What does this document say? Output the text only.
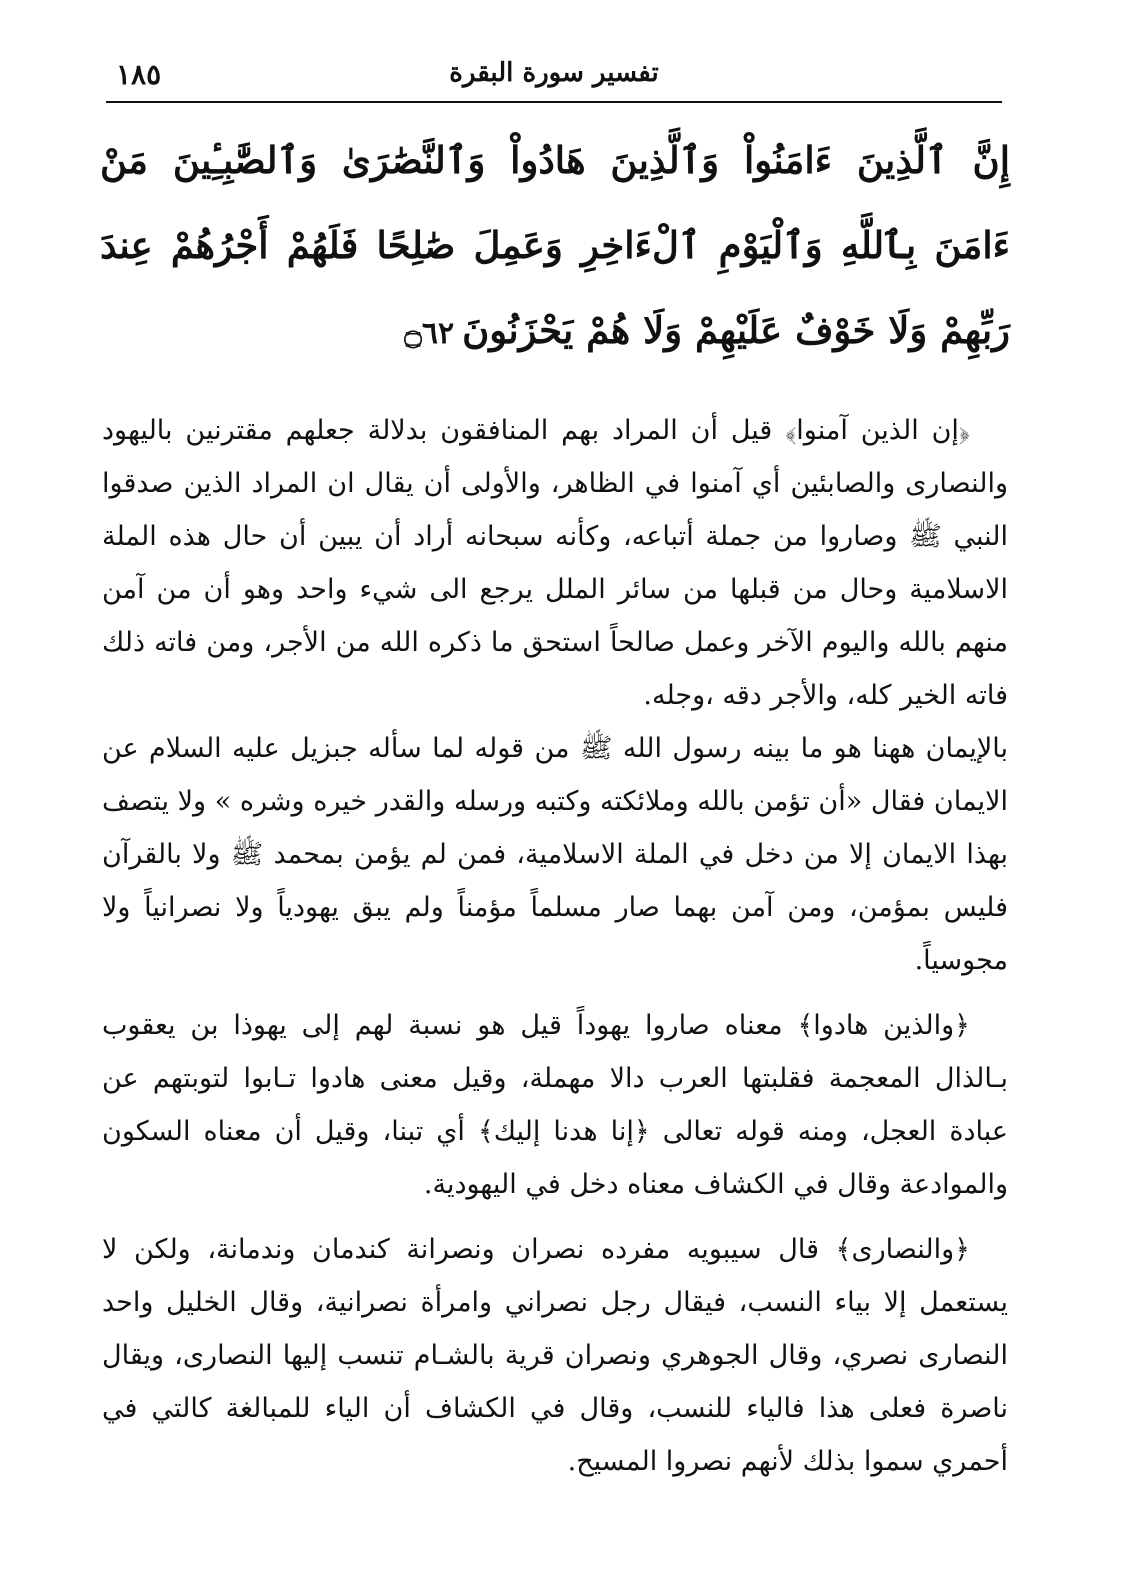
تفسير سورة البقرة
١٨٥
إِنَّ ٱلَّذِينَ ءَامَنُواْ وَٱلَّذِينَ هَادُواْ وَٱلنَّصَٰرَىٰ وَٱلصَّٰبِـِٔينَ مَنْ ءَامَنَ بِٱللَّهِ وَٱلْيَوْمِ ٱلْءَاخِرِ وَعَمِلَ صَٰلِحًا فَلَهُمْ أَجْرُهُمْ عِندَ رَبِّهِمْ وَلَا خَوْفٌ عَلَيْهِمْ وَلَا هُمْ يَحْزَنُونَ۝٦٢

﴿إن الذين آمنوا﴾ قيل أن المراد بهم المنافقون بدلالة جعلهم مقترنين باليهود والنصارى والصابئين أي آمنوا في الظاهر، والأولى أن يقال ان المراد الذين صدقوا النبي ﷺ وصاروا من جملة أتباعه، وكأنه سبحانه أراد أن يبين أن حال هذه الملة الاسلامية وحال من قبلها من سائر الملل يرجع الى شيء واحد وهو أن من آمن منهم بالله واليوم الآخر وعمل صالحاً استحق ما ذكره الله من الأجر، ومن فاته ذلك فاته الخير كله، والأجر دقه ،وجله.

بالإيمان ههنا هو ما بينه رسول الله ﷺ من قوله لما سأله جبزيل عليه السلام عن الايمان فقال «أن تؤمن بالله وملائكته وكتبه ورسله والقدر خيره وشره » ولا يتصف بهذا الايمان إلا من دخل في الملة الاسلامية، فمن لم يؤمن بمحمد ﷺ ولا بالقرآن فليس بمؤمن، ومن آمن بهما صار مسلماً مؤمناً ولم يبق يهودياً ولا نصرانياً ولا مجوسياً.

﴿والذين هادوا﴾ معناه صاروا يهوداً قيل هو نسبة لهم إلى يهوذا بن يعقوب بـالذال المعجمة فقلبتها العرب دالا مهملة، وقيل معنى هادوا تـابوا لتوبتهم عن عبادة العجل، ومنه قوله تعالى ﴿إنا هدنا إليك﴾ أي تبنا، وقيل أن معناه السكون والموادعة وقال في الكشاف معناه دخل في اليهودية.

﴿والنصارى﴾ قال سيبويه مفرده نصران ونصرانة كندمان وندمانة، ولكن لا يستعمل إلا بياء النسب، فيقال رجل نصراني وامرأة نصرانية، وقال الخليل واحد النصارى نصري، وقال الجوهري ونصران قرية بالشـام تنسب إليها النصارى، ويقال ناصرة فعلى هذا فالياء للنسب، وقال في الكشاف أن الياء للمبالغة كالتي في أحمري سموا بذلك لأنهم نصروا المسيح.
